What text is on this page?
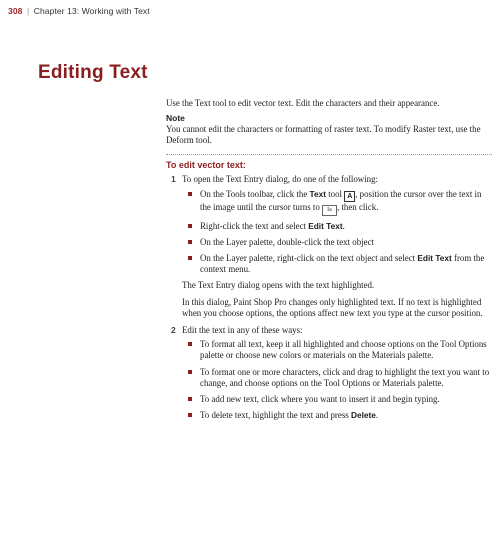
308 | Chapter 13: Working with Text
Editing Text

Use the Text tool to edit vector text. Edit the characters and their appearance.

Note

You cannot edit the characters or formatting of raster text. To modify Raster text, use the Deform tool.

To edit vector text:
1 To open the Text Entry dialog, do one of the following:
On the Tools toolbar, click the Text tool A , position the cursor over the text in the image until the cursor turns to Ia , then click.
Right-click the text and select Edit Text.
On the Layer palette, double-click the text object
On the Layer palette, right-click on the text object and select Edit Text from the context menu.

The Text Entry dialog opens with the text highlighted.

In this dialog, Paint Shop Pro changes only highlighted text. If no text is highlighted when you choose options, the options affect new text you type at the cursor position.

2 Edit the text in any of these ways:
To format all text, keep it all highlighted and choose options on the Tool Options palette or choose new colors or materials on the Materials palette.
To format one or more characters, click and drag to highlight the text you want to change, and choose options on the Tool Options or Materials palette.
To add new text, click where you want to insert it and begin typing.
To delete text, highlight the text and press Delete.
